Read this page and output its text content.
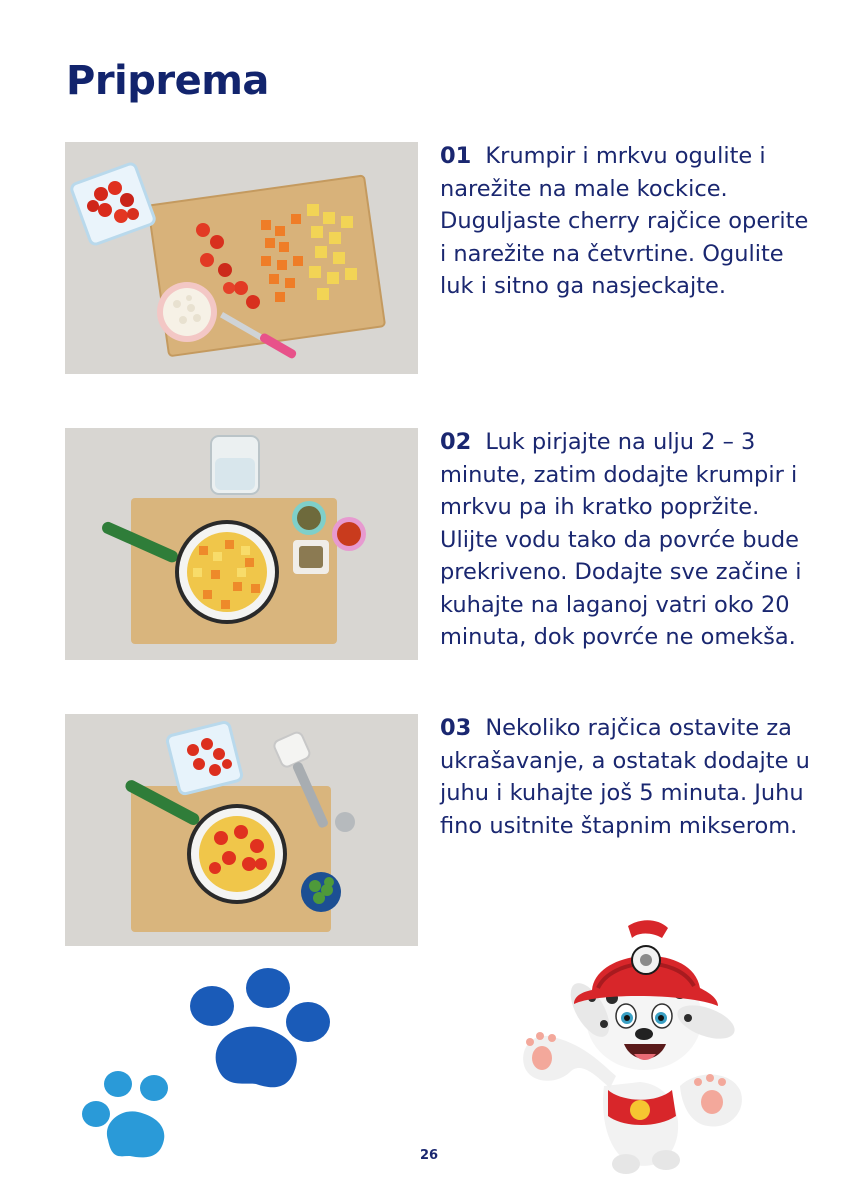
Priprema

01 Krumpir i mrkvu ogulite i narežite na male kockice. Duguljaste cherry rajčice operite i narežite na četvrtine. Ogulite luk i sitno ga nasjeckajte.

02 Luk pirjajte na ulju 2 – 3 minute, zatim dodajte krumpir i mrkvu pa ih kratko popržite. Ulijte vodu tako da povrće bude prekriveno. Dodajte sve začine i kuhajte na laganoj vatri oko 20 minuta, dok povrće ne omekša.

03 Nekoliko rajčica ostavite za ukrašavanje, a ostatak dodajte u juhu i kuhajte još 5 minuta. Juhu fino usitnite štapnim mikserom.

26
